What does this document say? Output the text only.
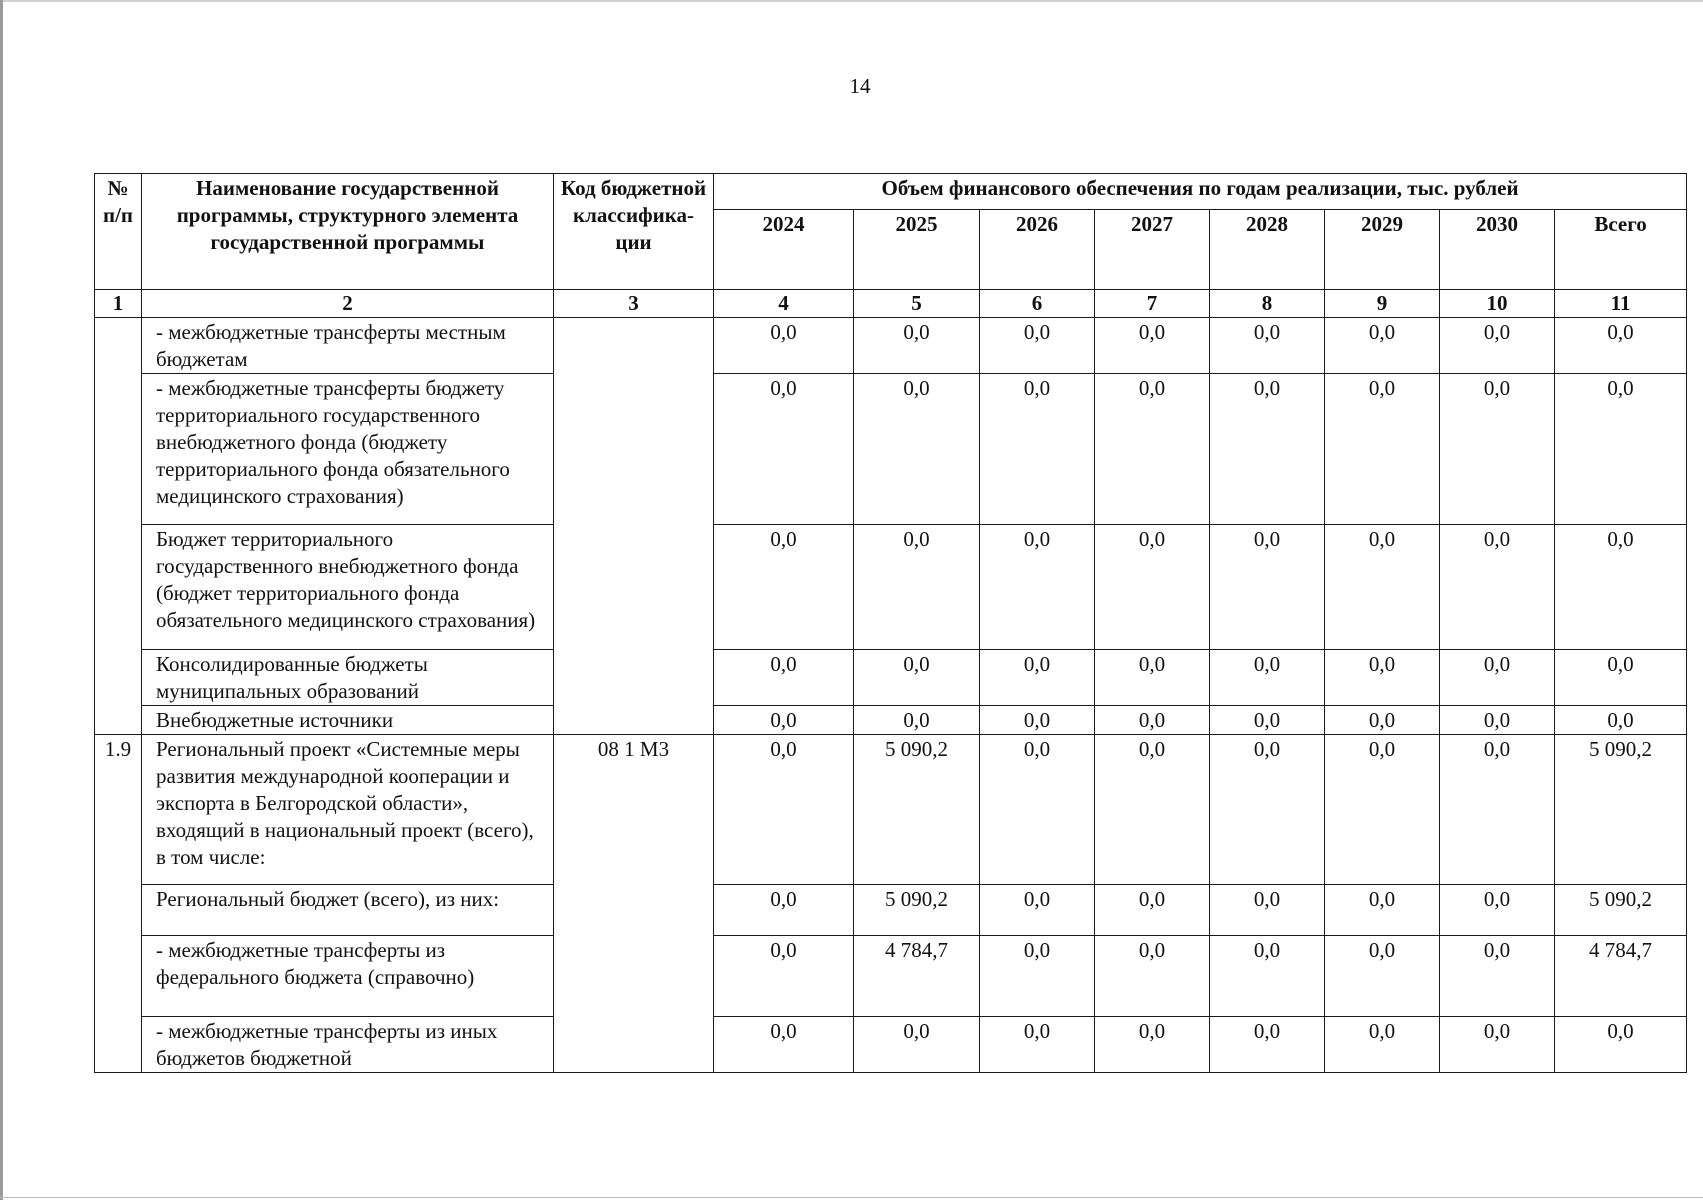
14
№ п/п	Наименование государственной программы, структурного элемента государственной программы	Код бюджетной классифика-ции	Объем финансового обеспечения по годам реализации, тыс. рублей							
			2024	2025	2026	2027	2028	2029	2030	Всего
1	2	3	4	5	6	7	8	9	10	11
	- межбюджетные трансферты местным бюджетам		0,0	0,0	0,0	0,0	0,0	0,0	0,0	0,0
	- межбюджетные трансферты бюджету территориального государственного внебюджетного фонда (бюджету территориального фонда обязательного медицинского страхования)		0,0	0,0	0,0	0,0	0,0	0,0	0,0	0,0
	Бюджет территориального государственного внебюджетного фонда (бюджет территориального фонда обязательного медицинского страхования)		0,0	0,0	0,0	0,0	0,0	0,0	0,0	0,0
	Консолидированные бюджеты муниципальных образований		0,0	0,0	0,0	0,0	0,0	0,0	0,0	0,0
	Внебюджетные источники		0,0	0,0	0,0	0,0	0,0	0,0	0,0	0,0
1.9	Региональный проект «Системные меры развития международной кооперации и экспорта в Белгородской области», входящий в национальный проект (всего), в том числе:	08 1 М3	0,0	5 090,2	0,0	0,0	0,0	0,0	0,0	5 090,2
	Региональный бюджет (всего), из них:		0,0	5 090,2	0,0	0,0	0,0	0,0	0,0	5 090,2
	- межбюджетные трансферты из федерального бюджета (справочно)		0,0	4 784,7	0,0	0,0	0,0	0,0	0,0	4 784,7
	- межбюджетные трансферты из иных бюджетов бюджетной		0,0	0,0	0,0	0,0	0,0	0,0	0,0	0,0
